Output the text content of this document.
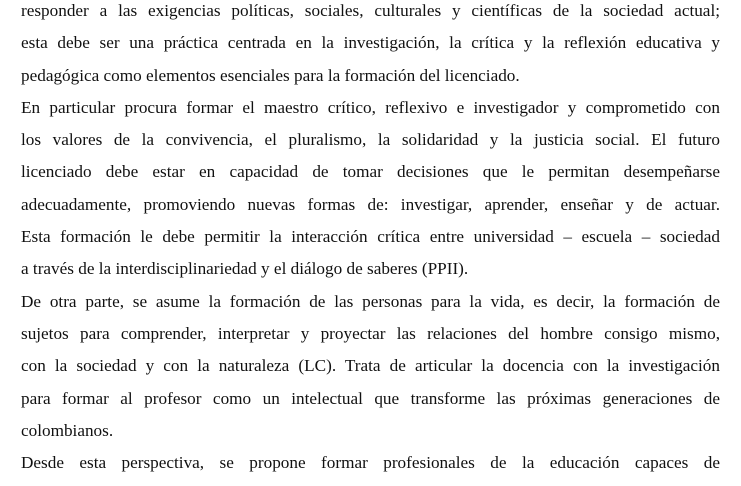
responder a las exigencias políticas, sociales, culturales y científicas de la sociedad actual;
esta debe ser una práctica centrada en la investigación, la crítica y la reflexión educativa y
pedagógica como elementos esenciales para la formación del licenciado.
En particular procura formar el maestro crítico, reflexivo e investigador y comprometido con
los valores de la convivencia, el pluralismo, la solidaridad y la justicia social. El futuro
licenciado debe estar en capacidad de tomar decisiones que le permitan desempeñarse
adecuadamente, promoviendo nuevas formas de: investigar, aprender, enseñar y de actuar.
Esta formación le debe permitir la interacción crítica entre universidad – escuela – sociedad
a través de la interdisciplinariedad y el diálogo de saberes (PPII).
De otra parte, se asume la formación de las personas para la vida, es decir, la formación de
sujetos para comprender, interpretar y proyectar las relaciones del hombre consigo mismo,
con la sociedad y con la naturaleza (LC). Trata de articular la docencia con la investigación
para formar al profesor como un intelectual que transforme las próximas generaciones de
colombianos.
Desde esta perspectiva, se propone formar profesionales de la educación capaces de
